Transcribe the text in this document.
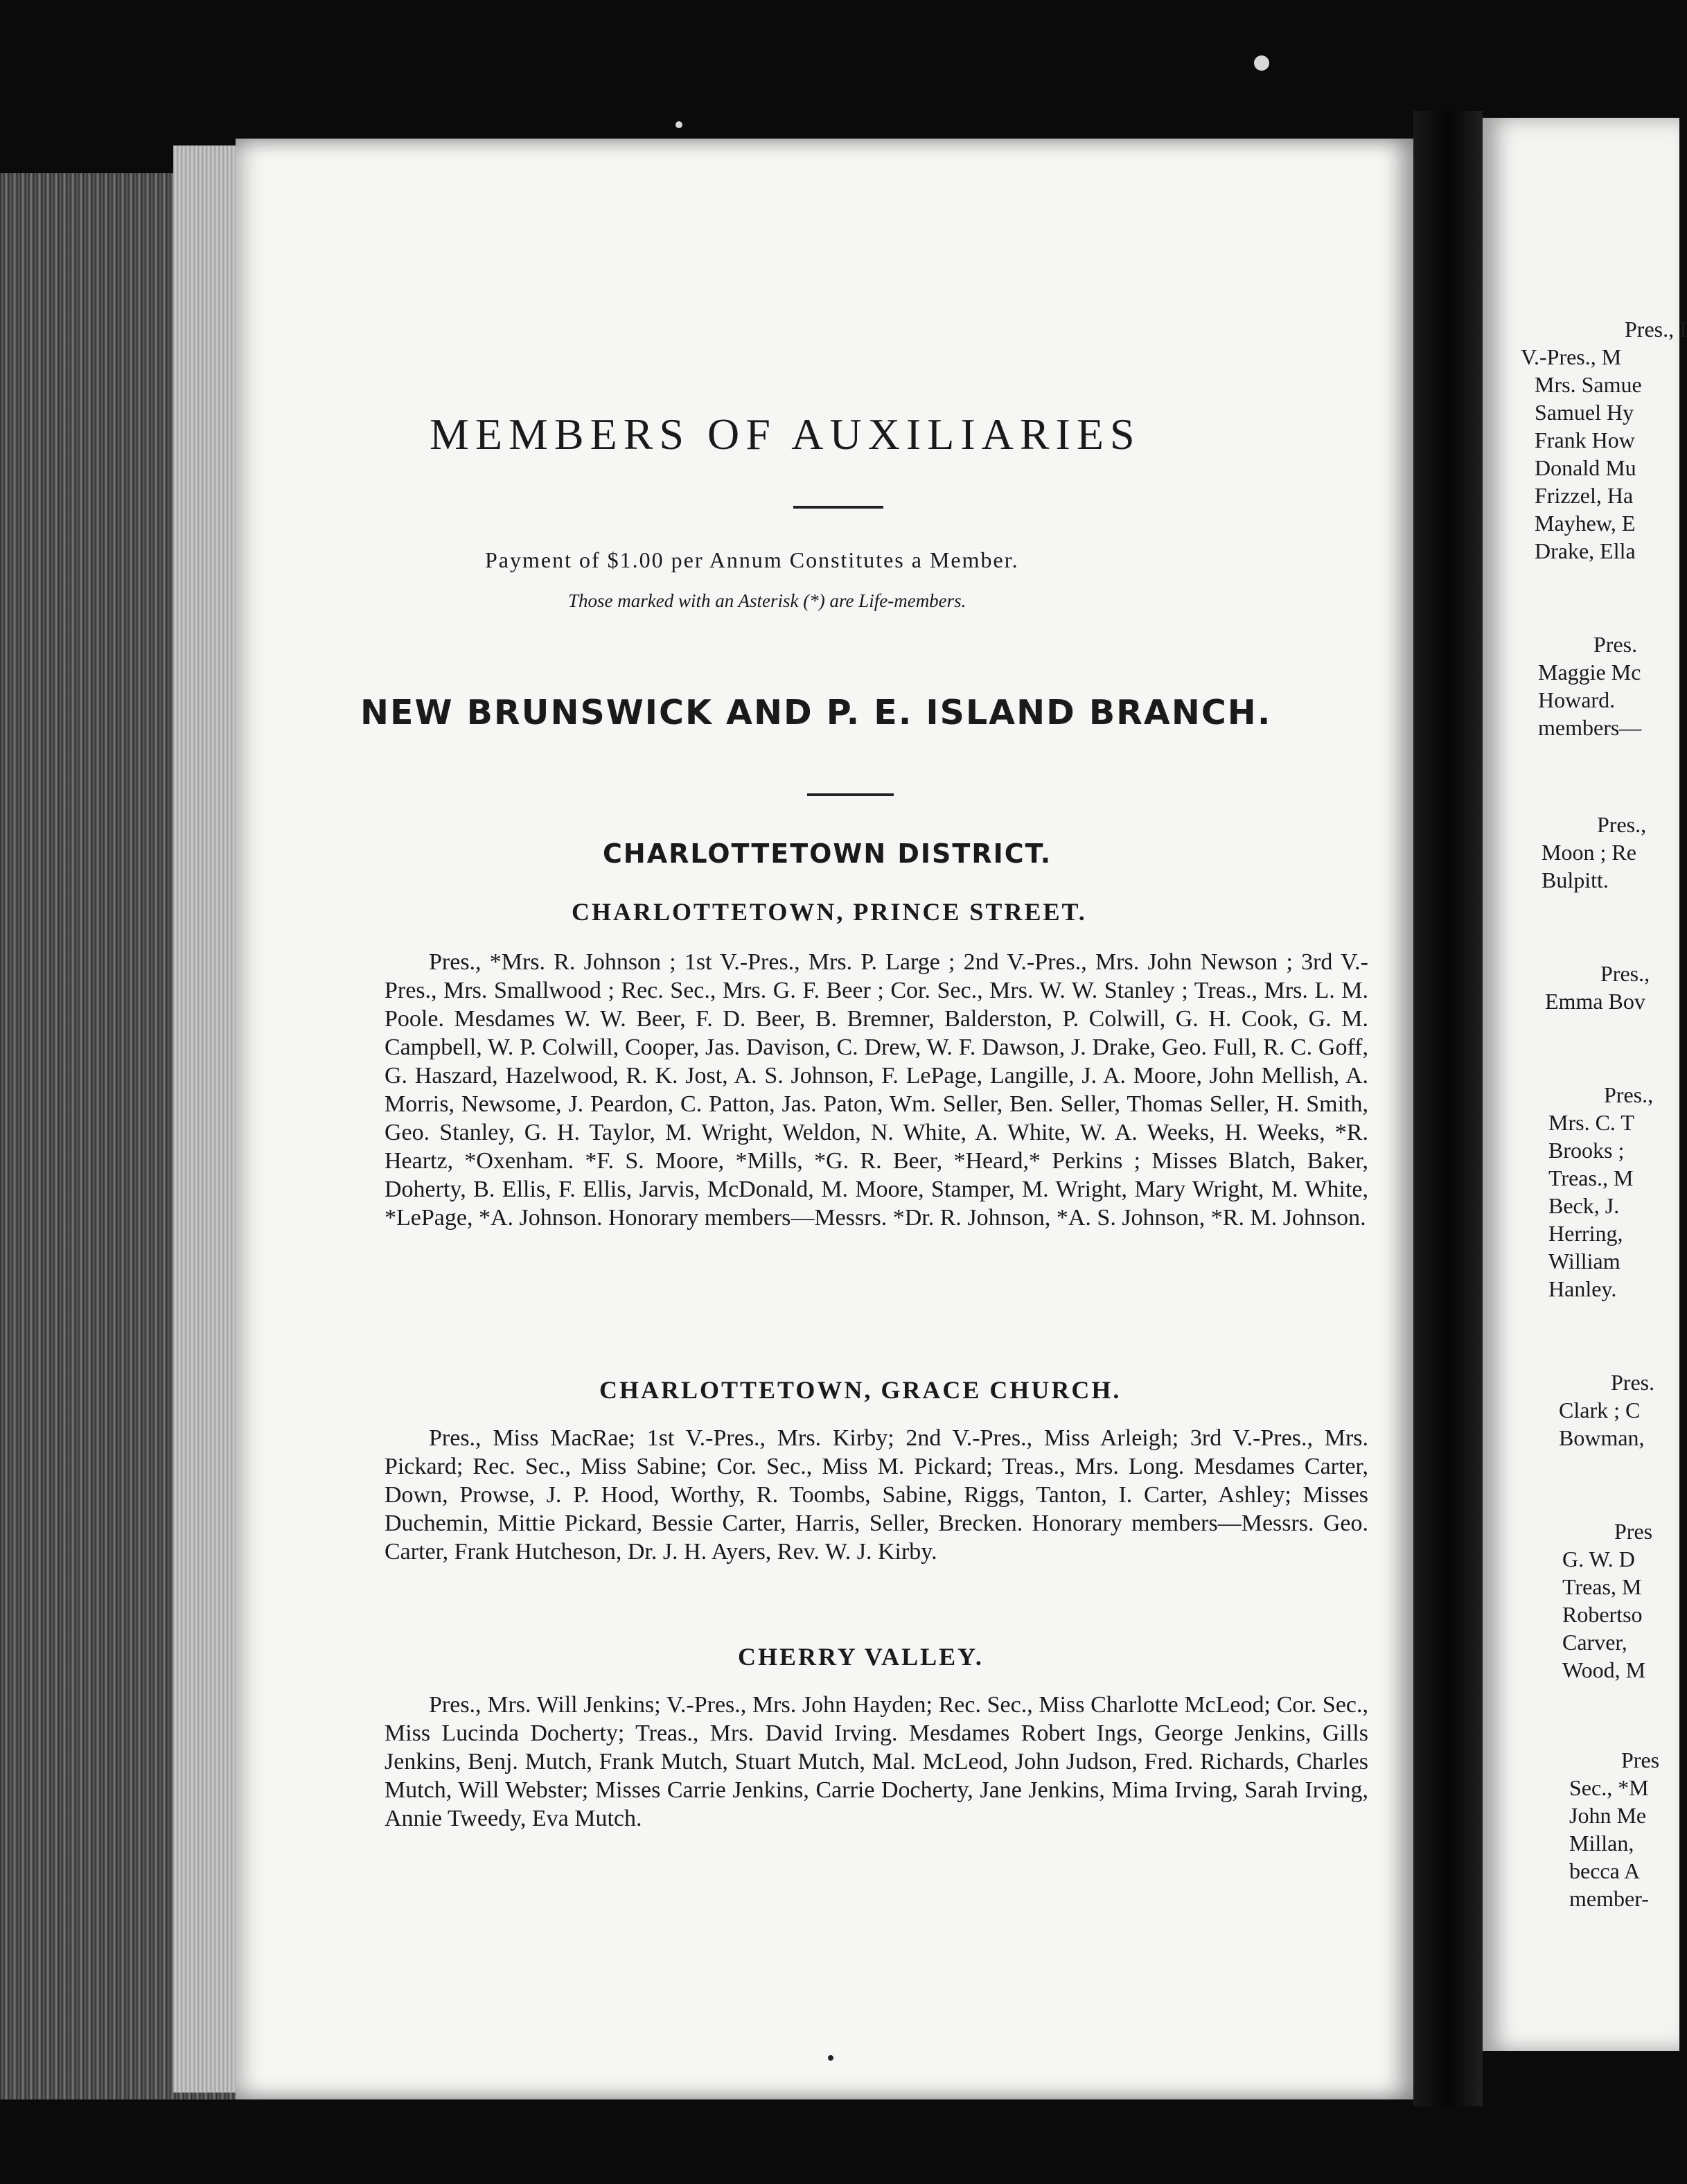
MEMBERS OF AUXILIARIES

Payment of $1.00 per Annum Constitutes a Member.

Those marked with an Asterisk (*) are Life-members.

NEW BRUNSWICK AND P. E. ISLAND BRANCH.
CHARLOTTETOWN DISTRICT.
CHARLOTTETOWN, PRINCE STREET.

Pres., *Mrs. R. Johnson ; 1st V.-Pres., Mrs. P. Large ; 2nd V.-Pres., Mrs. John Newson ; 3rd V.-Pres., Mrs. Smallwood ; Rec. Sec., Mrs. G. F. Beer ; Cor. Sec., Mrs. W. W. Stanley ; Treas., Mrs. L. M. Poole. Mesdames W. W. Beer, F. D. Beer, B. Bremner, Balderston, P. Colwill, G. H. Cook, G. M. Campbell, W. P. Colwill, Cooper, Jas. Davison, C. Drew, W. F. Dawson, J. Drake, Geo. Full, R. C. Goff, G. Haszard, Hazelwood, R. K. Jost, A. S. Johnson, F. LePage, Langille, J. A. Moore, John Mellish, A. Morris, Newsome, J. Peardon, C. Patton, Jas. Paton, Wm. Seller, Ben. Seller, Thomas Seller, H. Smith, Geo. Stanley, G. H. Taylor, M. Wright, Weldon, N. White, A. White, W. A. Weeks, H. Weeks, *R. Heartz, *Oxenham. *F. S. Moore, *Mills, *G. R. Beer, *Heard,* Perkins ; Misses Blatch, Baker, Doherty, B. Ellis, F. Ellis, Jarvis, McDonald, M. Moore, Stamper, M. Wright, Mary Wright, M. White, *LePage, *A. Johnson. Honorary members—Messrs. *Dr. R. Johnson, *A. S. Johnson, *R. M. Johnson.

CHARLOTTETOWN, GRACE CHURCH.

Pres., Miss MacRae; 1st V.-Pres., Mrs. Kirby; 2nd V.-Pres., Miss Arleigh; 3rd V.-Pres., Mrs. Pickard; Rec. Sec., Miss Sabine; Cor. Sec., Miss M. Pickard; Treas., Mrs. Long. Mesdames Carter, Down, Prowse, J. P. Hood, Worthy, R. Toombs, Sabine, Riggs, Tanton, I. Carter, Ashley; Misses Duchemin, Mittie Pickard, Bessie Carter, Harris, Seller, Brecken. Honorary members—Messrs. Geo. Carter, Frank Hutcheson, Dr. J. H. Ayers, Rev. W. J. Kirby.

CHERRY VALLEY.

Pres., Mrs. Will Jenkins; V.-Pres., Mrs. John Hayden; Rec. Sec., Miss Charlotte McLeod; Cor. Sec., Miss Lucinda Docherty; Treas., Mrs. David Irving. Mesdames Robert Ings, George Jenkins, Gills Jenkins, Benj. Mutch, Frank Mutch, Stuart Mutch, Mal. McLeod, John Judson, Fred. Richards, Charles Mutch, Will Webster; Misses Carrie Jenkins, Carrie Docherty, Jane Jenkins, Mima Irving, Sarah Irving, Annie Tweedy, Eva Mutch.

Pres., I
V.-Pres., M
Mrs. Samue
Samuel Hy
Frank How
Donald Mu
Frizzel, Ha
Mayhew, E
Drake, Ella
Pres.
Maggie Mc
Howard.
members—
Pres.,
Moon ; Re
Bulpitt.
Pres.,
Emma Bov
Pres.,
Mrs. C. T
Brooks ;
Treas., M
Beck, J.
Herring,
William
Hanley.
Pres.
Clark ; C
Bowman,
Pres
G. W. D
Treas, M
Robertso
Carver,
Wood, M
Pres
Sec., *M
John Me
Millan,
becca A
member-
